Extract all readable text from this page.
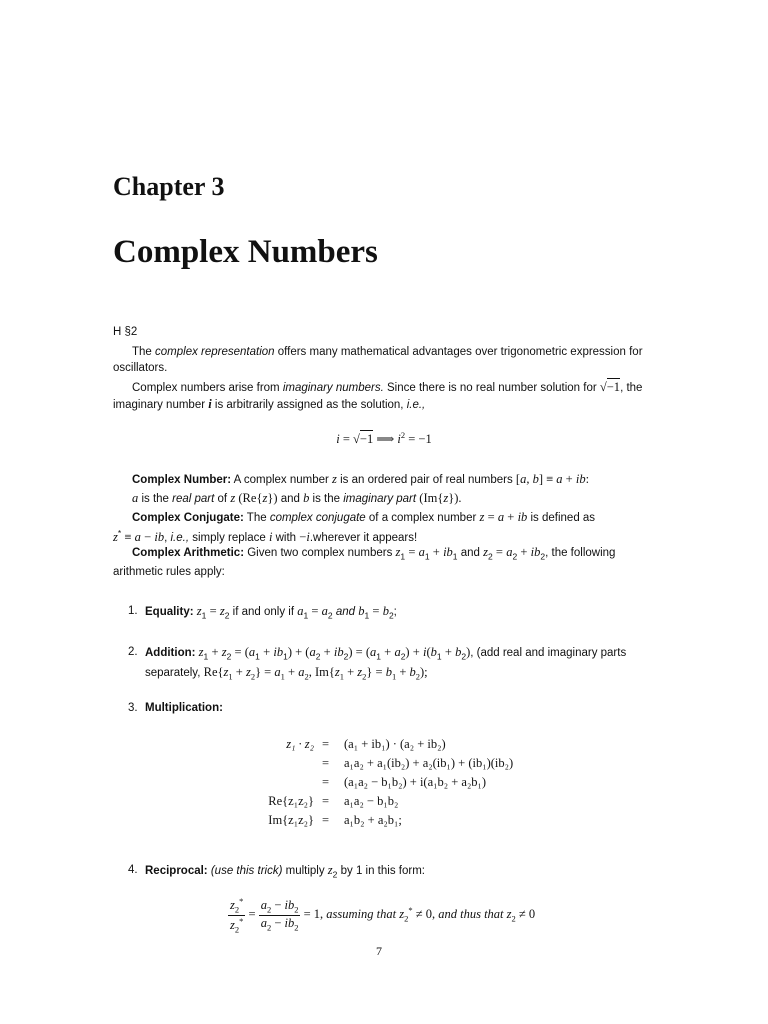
Chapter 3
Complex Numbers
H §2
The complex representation offers many mathematical advantages over trigonometric expression for oscillators.
Complex numbers arise from imaginary numbers. Since there is no real number solution for √−1, the imaginary number i is arbitrarily assigned as the solution, i.e.,
i = √−1 ⟹ $i^2 = -1$
Complex Number: A complex number z is an ordered pair of real numbers [a, b] ≡ a + ib:
a is the real part of z (Re{z}) and b is the imaginary part (Im{z}).
Complex Conjugate: The complex conjugate of a complex number z = a + ib is defined as
z* ≡ a − ib, i.e., simply replace i with −i.wherever it appears!
Complex Arithmetic: Given two complex numbers $z_1 = a_1 + ib_1$ and $z_2 = a_2 + ib_2$, the following arithmetic rules apply:
1. Equality: $z_1 = z_2$ if and only if $a_1 = a_2$ and $b_1 = b_2$;
2. Addition: $z_1 + z_2 = (a_1 + ib_1) + (a_2 + ib_2) = (a_1 + a_2) + i(b_1 + b_2)$, (add real and imaginary parts separately, $Re\{z_1 + z_2\} = a_1 + a_2$, $Im\{z_1 + z_2\} = b_1 + b_2$);
3. Multiplication:
z₁ · z₂ = (a₁ + ib₁) · (a₂ + ib₂)
= a₁a₂ + a₁(ib₂) + a₂(ib₁) + (ib₁)(ib₂)
= (a₁a₂ − b₁b₂) + i(a₁b₂ + a₂b₁)
Re{z₁z₂} = a₁a₂ − b₁b₂
Im{z₁z₂} = a₁b₂ + a₂b₁;
4. Reciprocal: (use this trick) multiply $z_2$ by 1 in this form:
$\frac{z_2^*}{z_2^*} = \frac{a_2 - ib_2}{a_2 - ib_2} = 1$, assuming that $z_2^* \ne 0$, and thus that $z_2 \ne 0$
7
